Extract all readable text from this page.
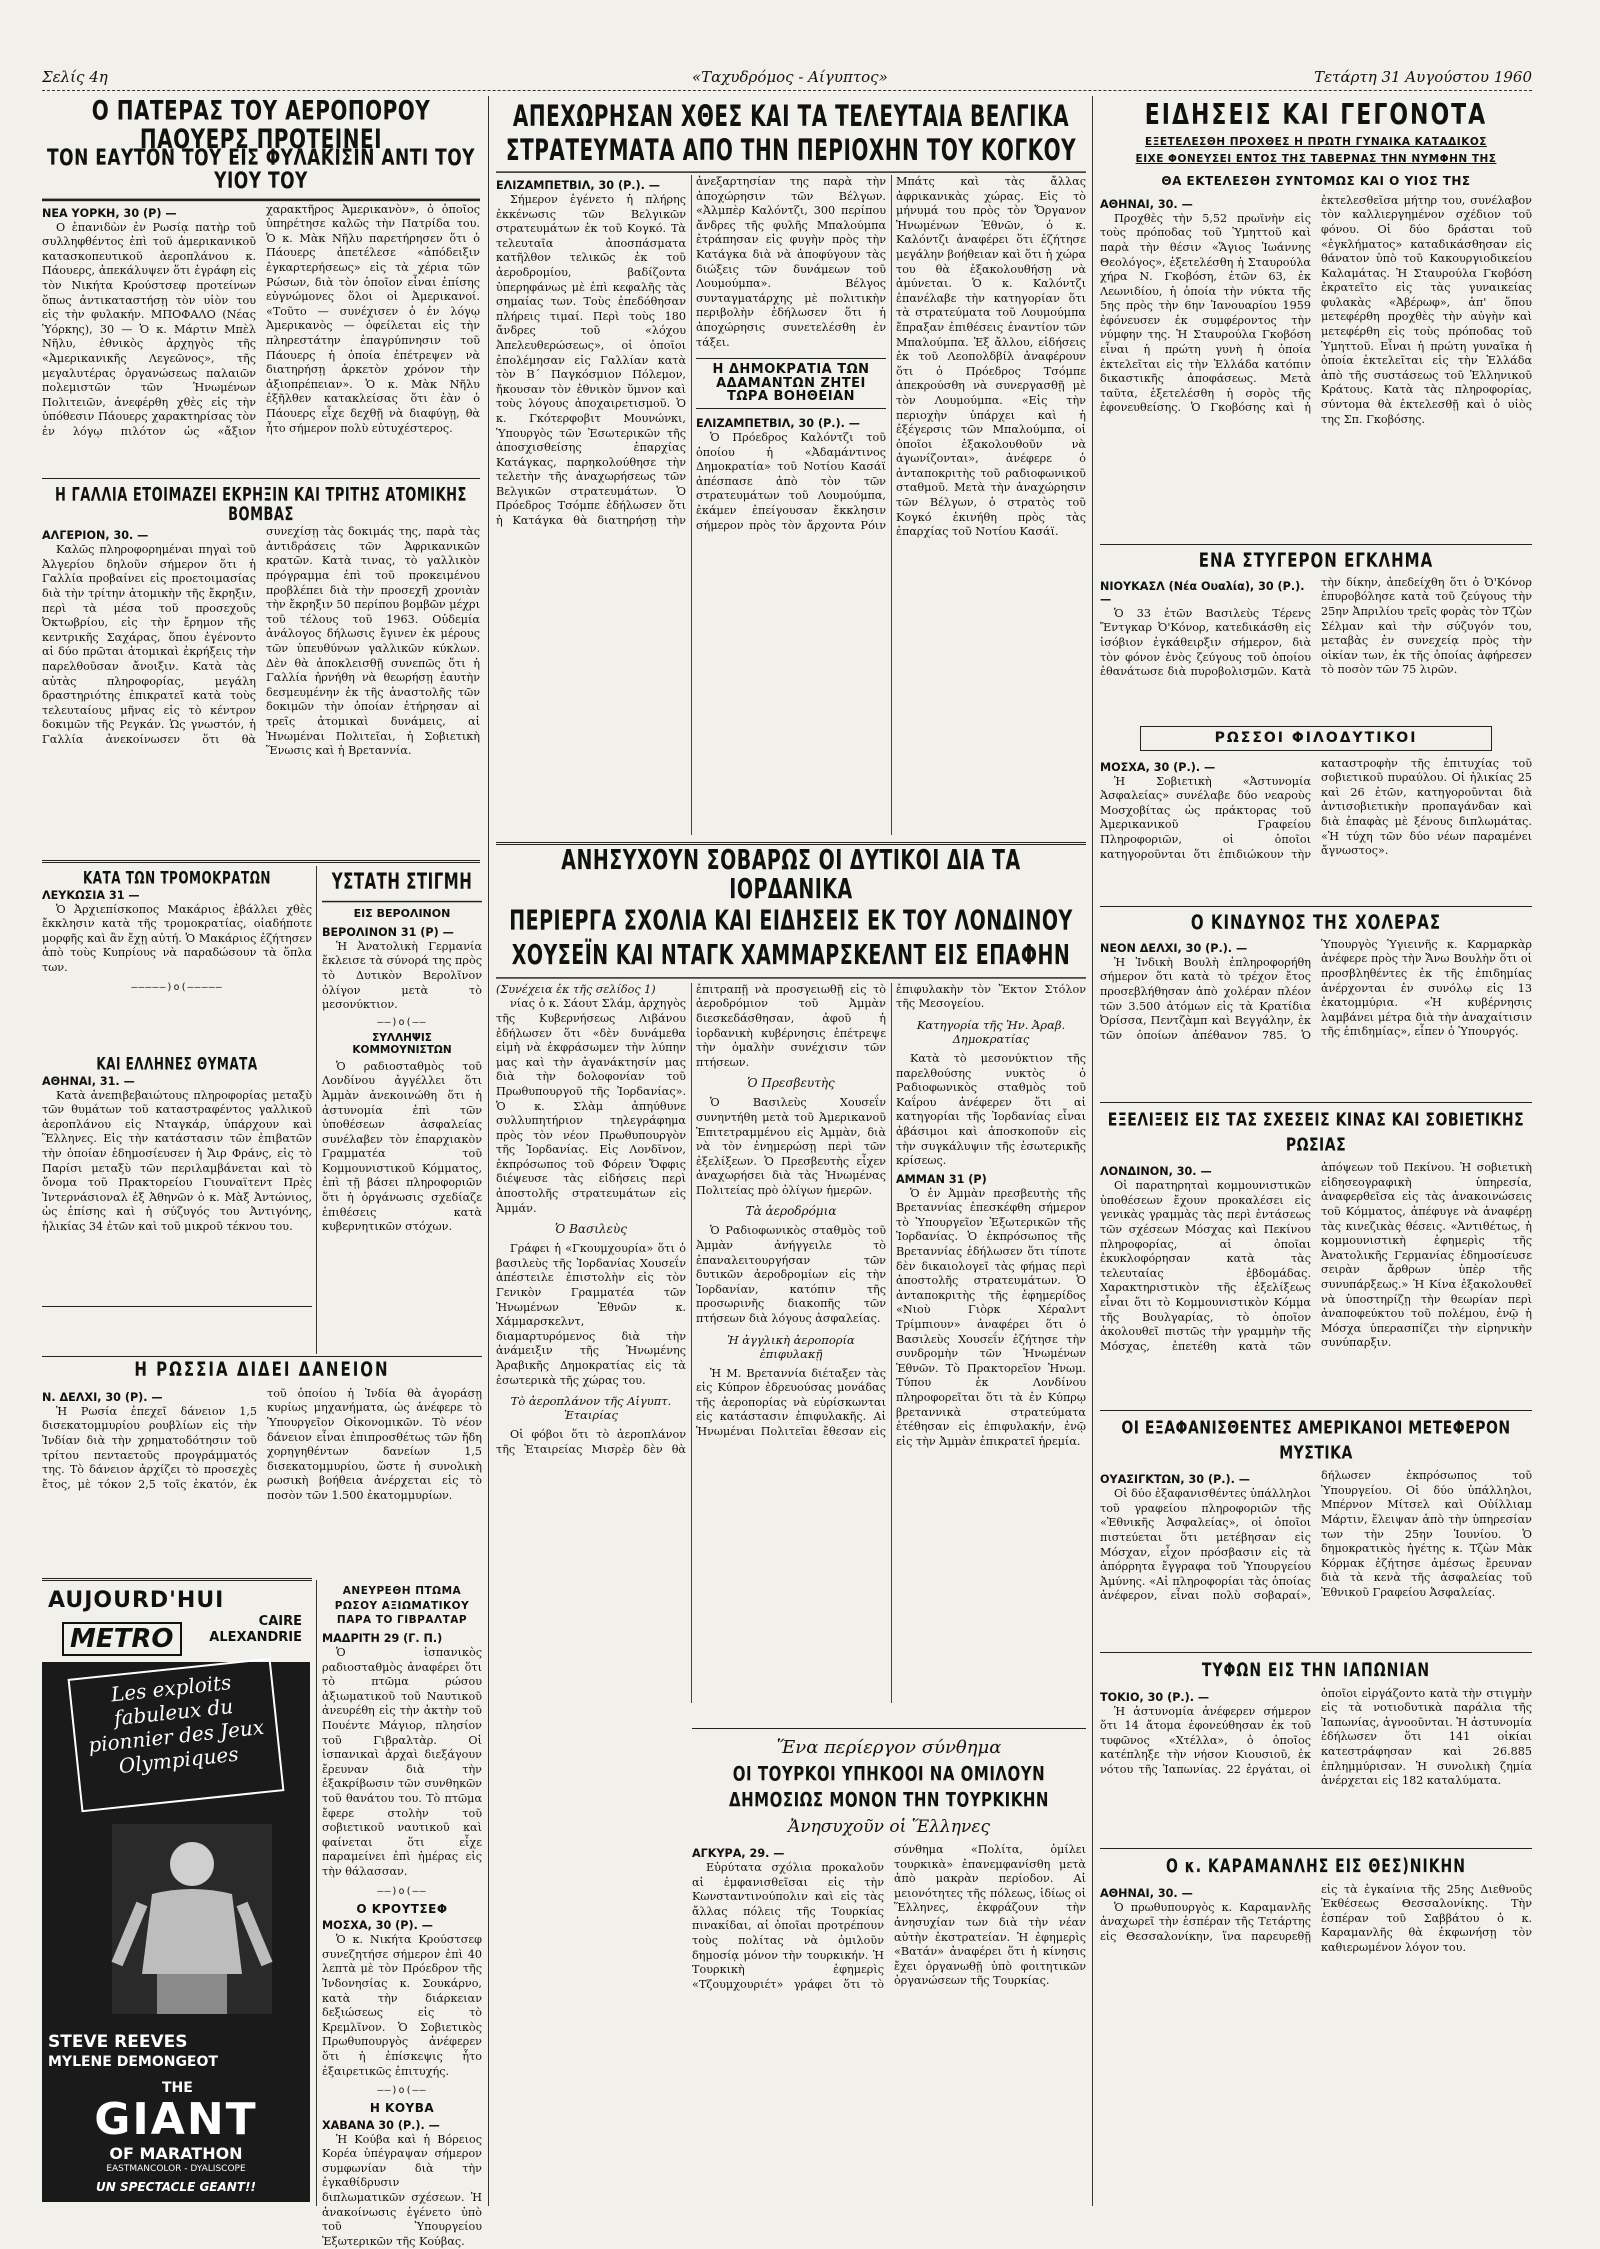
Σελίς 4η	«Ταχυδρόμος - Αίγυπτος»	Τετάρτη 31 Αυγούστου 1960
Ο ΠΑΤΕΡΑΣ ΤΟΥ ΑΕΡΟΠΟΡΟΥ ΠΑΟΥΕΡΣ ΠΡΟΤΕΙΝΕΙ
ΤΟΝ ΕΑΥΤΟΝ ΤΟΥ ΕΙΣ ΦΥΛΑΚΙΣΙΝ ΑΝΤΙ ΤΟΥ ΥΙΟΥ ΤΟΥ
ΝΕΑ ΥΟΡΚΗ, 30 (Ρ) —

Ο ἐπανιδὼν ἐν Ρωσίᾳ πατὴρ τοῦ συλληφθέντος ἐπὶ τοῦ ἀμερικανικοῦ κατασκοπευτικοῦ ἀεροπλάνου κ. Πάουερς, ἀπεκάλυψεν ὅτι ἐγράφη εἰς τὸν Νικήτα Κρούστσεφ προτείνων ὅπως ἀντικαταστήσῃ τὸν υἱὸν του εἰς τὴν φυλακήν. ΜΠΟΦΑΛΟ (Νέας Ὑόρκης), 30 — Ὁ κ. Μάρτιν Μπὲλ Νῆλυ, ἐθνικὸς ἀρχηγὸς τῆς «Ἀμερικανικῆς Λεγεῶνος», τῆς μεγαλυτέρας ὀργανώσεως παλαιῶν πολεμιστῶν τῶν Ἡνωμένων Πολιτειῶν, ἀνεφέρθη χθὲς εἰς τὴν ὑπόθεσιν Πάουερς χαρακτηρίσας τὸν ἐν λόγῳ πιλότον ὡς «ἄξιον χαρακτῆρος Ἀμερικανὸν», ὁ ὁποῖος ὑπηρέτησε καλῶς τὴν Πατρίδα του. Ὁ κ. Μὰκ Νῆλυ παρετήρησεν ὅτι ὁ Πάουερς ἀπετέλεσε «ἀπόδειξιν ἐγκαρτερήσεως» εἰς τὰ χέρια τῶν Ρώσων, διὰ τὸν ὁποῖον εἶναι ἐπίσης εὐγνώμονες ὅλοι οἱ Ἀμερικανοί. «Τοῦτο — συνέχισεν ὁ ἐν λόγῳ Ἀμερικανὸς — ὀφείλεται εἰς τὴν πληρεστάτην ἐπαγρύπνησιν τοῦ Πάουερς ἡ ὁποία ἐπέτρεψεν νὰ διατηρήσῃ ἀρκετὸν χρόνον τὴν ἀξιοπρέπειαν». Ὁ κ. Μὰκ Νῆλυ ἐξῆλθεν κατακλείσας ὅτι ἐὰν ὁ Πάουερς εἶχε δεχθῇ νὰ διαφύγῃ, θὰ ἦτο σήμερον πολὺ εὐτυχέστερος.

Η ΓΑΛΛΙΑ ΕΤΟΙΜΑΖΕΙ ΕΚΡΗΞΙΝ ΚΑΙ ΤΡΙΤΗΣ ΑΤΟΜΙΚΗΣ ΒΟΜΒΑΣ
ΑΛΓΕΡΙΟΝ, 30. —

Καλῶς πληροφορημέναι πηγαὶ τοῦ Ἀλγερίου δηλοῦν σήμερον ὅτι ἡ Γαλλία προβαίνει εἰς προετοιμασίας διὰ τὴν τρίτην ἀτομικὴν τῆς ἔκρηξιν, περὶ τὰ μέσα τοῦ προσεχοῦς Ὀκτωβρίου, εἰς τὴν ἔρημον τῆς κεντρικῆς Σαχάρας, ὅπου ἐγένοντο αἱ δύο πρῶται ἀτομικαὶ ἐκρήξεις τὴν παρελθοῦσαν ἄνοιξιν. Κατὰ τὰς αὐτὰς πληροφορίας, μεγάλη δραστηριότης ἐπικρατεῖ κατὰ τοὺς τελευταίους μῆνας εἰς τὸ κέντρον δοκιμῶν τῆς Ρεγκάν. Ὡς γνωστόν, ἡ Γαλλία ἀνεκοίνωσεν ὅτι θὰ συνεχίσῃ τὰς δοκιμάς της, παρὰ τὰς ἀντιδράσεις τῶν Ἀφρικανικῶν κρατῶν. Κατὰ τινας, τὸ γαλλικὸν πρόγραμμα ἐπὶ τοῦ προκειμένου προβλέπει διὰ τὴν προσεχῆ χρονιὰν τὴν ἔκρηξιν 50 περίπου βομβῶν μέχρι τοῦ τέλους τοῦ 1963. Οὐδεμία ἀνάλογος δήλωσις ἔγινεν ἐκ μέρους τῶν ὑπευθύνων γαλλικῶν κύκλων. Δὲν θὰ ἀποκλεισθῇ συνεπῶς ὅτι ἡ Γαλλία ἠρνήθη νὰ θεωρήσῃ ἐαυτὴν δεσμευμένην ἐκ τῆς ἀναστολῆς τῶν δοκιμῶν τὴν ὁποίαν ἐτήρησαν αἱ τρεῖς ἀτομικαὶ δυνάμεις, αἱ Ἡνωμέναι Πολιτεῖαι, ἡ Σοβιετικὴ Ἕνωσις καὶ ἡ Βρεταννία.

ΚΑΤΑ ΤΩΝ ΤΡΟΜΟΚΡΑΤΩΝ
ΛΕΥΚΩΣΙΑ 31 —

Ὁ Ἀρχιεπίσκοπος Μακάριος ἐβάλλει χθὲς ἔκκλησιν κατὰ τῆς τρομοκρατίας, οἱαδήποτε μορφῆς καὶ ἂν ἔχῃ αὐτή. Ὁ Μακάριος ἐζήτησεν ἀπὸ τοὺς Κυπρίους νὰ παραδώσουν τὰ ὅπλα των.

—————)o(—————
ΚΑΙ ΕΛΛΗΝΕΣ ΘΥΜΑΤΑ
ΑΘΗΝΑΙ, 31. —

Κατὰ ἀνεπιβεβαιώτους πληροφορίας μεταξὺ τῶν θυμάτων τοῦ καταστραφέντος γαλλικοῦ ἀεροπλάνου εἰς Νταγκάρ, ὑπάρχουν καὶ Ἕλληνες. Εἰς τὴν κατάστασιν τῶν ἐπιβατῶν τὴν ὁποίαν ἐδημοσίευσεν ἡ Ἄιρ Φράνς, εἰς τὸ Παρίσι μεταξὺ τῶν περιλαμβάνεται καὶ τὸ ὄνομα τοῦ Πρακτορείου Γιουναϊτεντ Πρὲς Ἰντερνάσιοναλ ἐξ Ἀθηνῶν ὁ κ. Μὰξ Ἀντώνιος, ὡς ἐπίσης καὶ ἡ σύζυγός του Ἀντιγόνης, ἡλικίας 34 ἐτῶν καὶ τοῦ μικροῦ τέκνου του.

ΥΣΤΑΤΗ ΣΤΙΓΜΗ
ΕΙΣ ΒΕΡΟΛΙΝΟΝ
ΒΕΡΟΛΙΝΟΝ 31 (Ρ) —

Ἡ Ἀνατολικὴ Γερμανία ἔκλεισε τὰ σύνορά της πρὸς τὸ Δυτικὸν Βερολῖνον ὀλίγον μετὰ τὸ μεσονύκτιον.

——)o(——
ΣΥΛΛΗΨΙΣ ΚΟΜΜΟΥΝΙΣΤΩΝ

Ὁ ραδιοσταθμὸς τοῦ Λονδίνου ἀγγέλλει ὅτι Ἀμμὰν ἀνεκοινώθη ὅτι ἡ ἀστυνομία ἐπὶ τῶν ὑποθέσεων ἀσφαλείας συνέλαβεν τὸν ἐπαρχιακὸν Γραμματέα τοῦ Κομμουνιστικοῦ Κόμματος, ἐπὶ τῇ βάσει πληροφοριῶν ὅτι ἡ ὀργάνωσις σχεδίαζε ἐπιθέσεις κατὰ κυβερνητικῶν στόχων.

Η ΡΩΣΣΙΑ ΔΙΔΕΙ ΔΑΝΕΙΟΝ
Ν. ΔΕΛΧΙ, 30 (Ρ). —

Ἡ Ρωσία ἐπεχεῖ δάνειον 1,5 δισεκατομμυρίου ρουβλίων εἰς τὴν Ἰνδίαν διὰ τὴν χρηματοδότησιν τοῦ τρίτου πενταετοῦς προγράμματός της. Τὸ δάνειον ἀρχίζει τὸ προσεχὲς ἔτος, μὲ τόκον 2,5 τοῖς ἑκατόν, ἐκ τοῦ ὁποίου ἡ Ἰνδία θὰ ἀγοράσῃ κυρίως μηχανήματα, ὡς ἀνέφερε τὸ Ὑπουργεῖον Οἰκονομικῶν. Τὸ νέον δάνειον εἶναι ἐπιπροσθέτως τῶν ἤδη χορηγηθέντων δανείων 1,5 δισεκατομμυρίου, ὥστε ἡ συνολικὴ ρωσικὴ βοήθεια ἀνέρχεται εἰς τὸ ποσὸν τῶν 1.500 ἑκατομμυρίων.

AUJOURD'HUI
METRO
CAIRE
ALEXANDRIE
Les exploits fabuleux du pionnier des Jeux Olympiques
STEVE REEVES
MYLENE DEMONGEOT
THE
GIANT
OF MARATHON
EASTMANCOLOR - DYALISCOPE
UN SPECTACLE GEANT!!
ΑΝΕΥΡΕΘΗ ΠΤΩΜΑ ΡΩΣΟΥ ΑΞΙΩΜΑΤΙΚΟΥ ΠΑΡΑ ΤΟ ΓΙΒΡΑΛΤΑΡ
ΜΑΔΡΙΤΗ 29 (Γ. Π.)

Ὁ ἱσπανικὸς ραδιοσταθμὸς ἀναφέρει ὅτι τὸ πτῶμα ρώσου ἀξιωματικοῦ τοῦ Ναυτικοῦ ἀνευρέθη εἰς τὴν ἀκτὴν τοῦ Πουέντε Μάγιορ, πλησίον τοῦ Γιβραλτὰρ. Οἱ ἱσπανικαὶ ἀρχαὶ διεξάγουν ἔρευναν διὰ τὴν ἐξακρίβωσιν τῶν συνθηκῶν τοῦ θανάτου του. Τὸ πτῶμα ἔφερε στολὴν τοῦ σοβιετικοῦ ναυτικοῦ καὶ φαίνεται ὅτι εἶχε παραμείνει ἐπὶ ἡμέρας εἰς τὴν θάλασσαν.

——)o(——
Ο ΚΡΟΥΤΣΕΦ
ΜΟΣΧΑ, 30 (Ρ). —

Ὁ κ. Νικήτα Κρούστσεφ συνεζητήσε σήμερον ἐπὶ 40 λεπτὰ μὲ τὸν Πρόεδρον τῆς Ἰνδονησίας κ. Σουκάρνο, κατὰ τὴν διάρκειαν δεξιώσεως εἰς τὸ Κρεμλῖνον. Ὁ Σοβιετικὸς Πρωθυπουργὸς ἀνέφερεν ὅτι ἡ ἐπίσκεψις ἦτο ἐξαιρετικῶς ἐπιτυχής.

——)o(——
Η ΚΟΥΒΑ
ΧΑΒΑΝΑ 30 (Ρ.). —

Ἡ Κούβα καὶ ἡ Βόρειος Κορέα ὑπέγραψαν σήμερον συμφωνίαν διὰ τὴν ἐγκαθίδρυσιν διπλωματικῶν σχέσεων. Ἡ ἀνακοίνωσις ἐγένετο ὑπὸ τοῦ Ὑπουργείου Ἐξωτερικῶν τῆς Κούβας.

ΑΠΕΧΩΡΗΣΑΝ ΧΘΕΣ ΚΑΙ ΤΑ ΤΕΛΕΥΤΑΙΑ ΒΕΛΓΙΚΑ
ΣΤΡΑΤΕΥΜΑΤΑ ΑΠΟ ΤΗΝ ΠΕΡΙΟΧΗΝ ΤΟΥ ΚΟΓΚΟΥ
ΕΛΙΖΑΜΠΕΤΒΙΛ, 30 (Ρ.). —

Σήμερον ἐγένετο ἡ πλήρης ἐκκένωσις τῶν Βελγικῶν στρατευμάτων ἐκ τοῦ Κογκό. Τὰ τελευταῖα ἀποσπάσματα κατῆλθον τελικῶς ἐκ τοῦ ἀεροδρομίου, βαδίζοντα ὑπερηφάνως μὲ ἐπὶ κεφαλῆς τὰς σημαίας των. Τοὺς ἐπεδόθησαν πλήρεις τιμαί. Περὶ τοὺς 180 ἄνδρες τοῦ «λόχου Ἀπελευθερώσεως», οἱ ὁποῖοι ἐπολέμησαν εἰς Γαλλίαν κατὰ τὸν Β΄ Παγκόσμιον Πόλεμον, ἤκουσαν τὸν ἐθνικὸν ὕμνον καὶ τοὺς λόγους ἀποχαιρετισμοῦ. Ὁ κ. Γκότερφοβιτ Μουνώνκι, Ὑπουργὸς τῶν Ἐσωτερικῶν τῆς ἀποσχισθείσης ἐπαρχίας Κατάγκας, παρηκολούθησε τὴν τελετὴν τῆς ἀναχωρήσεως τῶν Βελγικῶν στρατευμάτων. Ὁ Πρόεδρος Τσόμπε ἐδήλωσεν ὅτι ἡ Κατάγκα θὰ διατηρήσῃ τὴν ἀνεξαρτησίαν της παρὰ τὴν ἀποχώρησιν τῶν Βέλγων. «Ἀλμπὲρ Καλόντζι, 300 περίπου ἄνδρες τῆς φυλῆς Μπαλούμπα ἐτράπησαν εἰς φυγὴν πρὸς τὴν Κατάγκα διὰ νὰ ἀποφύγουν τὰς διώξεις τῶν δυνάμεων τοῦ Λουμούμπα». Βέλγος συνταγματάρχης μὲ πολιτικὴν περιβολὴν ἐδήλωσεν ὅτι ἡ ἀποχώρησις συνετελέσθη ἐν τάξει.

Η ΔΗΜΟΚΡΑΤΙΑ ΤΩΝ ΑΔΑΜΑΝΤΩΝ ΖΗΤΕΙ ΤΩΡΑ ΒΟΗΘΕΙΑΝ
ΕΛΙΖΑΜΠΕΤΒΙΛ, 30 (Ρ.). —

Ὁ Πρόεδρος Καλόντζι τοῦ ὁποίου ἡ «Ἀδαμάντινος Δημοκρατία» τοῦ Νοτίου Κασάϊ ἀπέσπασε ἀπὸ τὸν τῶν στρατευμάτων τοῦ Λουμούμπα, ἐκάμεν ἐπείγουσαν ἔκκλησιν σήμερον πρὸς τὸν ἄρχοντα Ρόιν Μπάτς καὶ τὰς ἄλλας ἀφρικανικὰς χώρας. Εἰς τὸ μήνυμά του πρὸς τὸν Ὄργανον Ἡνωμένων Ἐθνῶν, ὁ κ. Καλόντζι ἀναφέρει ὅτι ἐζήτησε μεγάλην βοήθειαν καὶ ὅτι ἡ χώρα του θὰ ἐξακολουθήσῃ νὰ ἀμύνεται. Ὁ κ. Καλόντζι ἐπανέλαβε τὴν κατηγορίαν ὅτι τὰ στρατεύματα τοῦ Λουμούμπα ἔπραξαν ἐπιθέσεις ἐναντίον τῶν Μπαλούμπα. Ἐξ ἄλλου, εἰδήσεις ἐκ τοῦ Λεοπολδβίλ ἀναφέρουν ὅτι ὁ Πρόεδρος Τσόμπε ἀπεκρούσθη νὰ συνεργασθῇ μὲ τὸν Λουμούμπα. «Εἰς τὴν περιοχὴν ὑπάρχει καὶ ἡ ἐξέγερσις τῶν Μπαλούμπα, οἱ ὁποῖοι ἐξακολουθοῦν νὰ ἀγωνίζονται», ἀνέφερε ὁ ἀνταποκριτὴς τοῦ ραδιοφωνικοῦ σταθμοῦ. Μετὰ τὴν ἀναχώρησιν τῶν Βέλγων, ὁ στρατὸς τοῦ Κογκό ἐκινήθη πρὸς τὰς ἐπαρχίας τοῦ Νοτίου Κασάϊ.

ΑΝΗΣΥΧΟΥΝ ΣΟΒΑΡΩΣ ΟΙ ΔΥΤΙΚΟΙ ΔΙΑ ΤΑ ΙΟΡΔΑΝΙΚΑ
ΠΕΡΙΕΡΓΑ ΣΧΟΛΙΑ ΚΑΙ ΕΙΔΗΣΕΙΣ ΕΚ ΤΟΥ ΛΟΝΔΙΝΟΥ
ΧΟΥΣΕΪΝ ΚΑΙ ΝΤΑΓΚ ΧΑΜΜΑΡΣΚΕΛΝΤ ΕΙΣ ΕΠΑΦΗΝ

(Συνέχεια ἐκ τῆς σελίδος 1)

νίας ὁ κ. Σάουτ Σλάμ, ἀρχηγὸς τῆς Κυβερνήσεως Λιβάνου ἐδήλωσεν ὅτι «δὲν δυνάμεθα εἰμὴ νὰ ἐκφράσωμεν τὴν λύπην μας καὶ τὴν ἀγανάκτησίν μας διὰ τὴν δολοφονίαν τοῦ Πρωθυπουργοῦ τῆς Ἰορδανίας». Ὁ κ. Σλὰμ ἀπηύθυνε συλλυπητήριον τηλεγράφημα πρὸς τὸν νέον Πρωθυπουργὸν τῆς Ἰορδανίας. Εἰς Λονδῖνον, ἐκπρόσωπος τοῦ Φόρειν Ὄφφις διέψευσε τὰς εἰδήσεις περὶ ἀποστολῆς στρατευμάτων εἰς Ἀμμάν.

Ὁ Βασιλεὺς

Γράφει ἡ «Γκουμχουρία» ὅτι ὁ βασιλεὺς τῆς Ἰορδανίας Χουσεΐν ἀπέστειλε ἐπιστολὴν εἰς τὸν Γενικὸν Γραμματέα τῶν Ἡνωμένων Ἐθνῶν κ. Χάμμαρσκελντ, διαμαρτυρόμενος διὰ τὴν ἀνάμειξιν τῆς Ἡνωμένης Ἀραβικῆς Δημοκρατίας εἰς τὰ ἐσωτερικὰ τῆς χώρας του.

Τὸ ἀεροπλάνον τῆς Αἰγυπτ. Ἑταιρίας

Οἱ φόβοι ὅτι τὸ ἀεροπλάνον τῆς Ἑταιρείας Μισρὲρ δὲν θὰ ἐπιτραπῇ νὰ προσγειωθῇ εἰς τὸ ἀεροδρόμιον τοῦ Ἀμμὰν διεσκεδάσθησαν, ἀφοῦ ἡ ἰορδανικὴ κυβέρνησις ἐπέτρεψε τὴν ὁμαλὴν συνέχισιν τῶν πτήσεων.

Ὁ Πρεσβευτὴς

Ὁ Βασιλεὺς Χουσεΐν συνηντήθη μετὰ τοῦ Ἀμερικανοῦ Ἐπιτετραμμένου εἰς Ἀμμὰν, διὰ νὰ τὸν ἐνημερώσῃ περὶ τῶν ἐξελίξεων. Ὁ Πρεσβευτὴς εἶχεν ἀναχωρήσει διὰ τὰς Ἡνωμένας Πολιτείας πρὸ ὀλίγων ἡμερῶν.

Τὰ ἀεροδρόμια

Ὁ Ραδιοφωνικὸς σταθμὸς τοῦ Ἀμμὰν ἀνήγγειλε τὸ ἐπαναλειτουργήσαν τῶν δυτικῶν ἀεροδρομίων εἰς τὴν Ἰορδανίαν, κατόπιν τῆς προσωρινῆς διακοπῆς τῶν πτήσεων διὰ λόγους ἀσφαλείας.

Ἡ ἀγγλικὴ ἀεροπορία ἐπιφυλακῇ

Ἡ Μ. Βρεταννία διέταξεν τὰς εἰς Κύπρον ἐδρευούσας μονάδας τῆς ἀεροπορίας νὰ εὑρίσκωνται εἰς κατάστασιν ἐπιφυλακῆς. Αἱ Ἡνωμέναι Πολιτεῖαι ἔθεσαν εἰς ἐπιφυλακὴν τὸν Ἕκτον Στόλον τῆς Μεσογείου.

Κατηγορία τῆς Ἡν. Ἀραβ. Δημοκρατίας

Κατὰ τὸ μεσονύκτιον τῆς παρελθούσης νυκτὸς ὁ Ραδιοφωνικὸς σταθμὸς τοῦ Καΐρου ἀνέφερεν ὅτι αἱ κατηγορίαι τῆς Ἰορδανίας εἶναι ἀβάσιμοι καὶ ἀποσκοποῦν εἰς τὴν συγκάλυψιν τῆς ἐσωτερικῆς κρίσεως.

ΑΜΜΑΝ 31 (Ρ)

Ὁ ἐν Ἀμμὰν πρεσβευτὴς τῆς Βρεταννίας ἐπεσκέφθη σήμερον τὸ Ὑπουργεῖον Ἐξωτερικῶν τῆς Ἰορδανίας. Ὁ ἐκπρόσωπος τῆς Βρεταννίας ἐδήλωσεν ὅτι τίποτε δὲν δικαιολογεῖ τὰς φήμας περὶ ἀποστολῆς στρατευμάτων. Ὁ ἀνταποκριτὴς τῆς ἐφημερίδος «Νιοὺ Γιὸρκ Χέραλντ Τρίμπιουν» ἀναφέρει ὅτι ὁ Βασιλεὺς Χουσεΐν ἐζήτησε τὴν συνδρομὴν τῶν Ἡνωμένων Ἐθνῶν. Τὸ Πρακτορεῖον Ἡνωμ. Τύπου ἐκ Λονδίνου πληροφορεῖται ὅτι τὰ ἐν Κύπρῳ βρεταννικὰ στρατεύματα ἐτέθησαν εἰς ἐπιφυλακήν, ἐνῷ εἰς τὴν Ἀμμὰν ἐπικρατεῖ ἡρεμία.

Ἕνα περίεργον σύνθημα
ΟΙ ΤΟΥΡΚΟΙ ΥΠΗΚΟΟΙ ΝΑ ΟΜΙΛΟΥΝ ΔΗΜΟΣΙΩΣ ΜΟΝΟΝ ΤΗΝ ΤΟΥΡΚΙΚΗΝ
Ἀνησυχοῦν οἱ Ἕλληνες
ΑΓΚΥΡΑ, 29. —

Εὐρύτατα σχόλια προκαλοῦν αἱ ἐμφανισθεῖσαι εἰς τὴν Κωνσταντινούπολιν καὶ εἰς τὰς ἄλλας πόλεις τῆς Τουρκίας πινακίδαι, αἱ ὁποῖαι προτρέπουν τοὺς πολίτας νὰ ὁμιλοῦν δημοσίᾳ μόνον τὴν τουρκικήν. Ἡ Τουρκικὴ ἐφημερὶς «Τζουμχουριέτ» γράφει ὅτι τὸ σύνθημα «Πολίτα, ὁμίλει τουρκικὰ» ἐπανεμφανίσθη μετὰ ἀπὸ μακρὰν περίοδον. Αἱ μειονότητες τῆς πόλεως, ἰδίως οἱ Ἕλληνες, ἐκφράζουν τὴν ἀνησυχίαν των διὰ τὴν νέαν αὐτὴν ἐκστρατείαν. Ἡ ἐφημερὶς «Βατάν» ἀναφέρει ὅτι ἡ κίνησις ἔχει ὀργανωθῇ ὑπὸ φοιτητικῶν ὀργανώσεων τῆς Τουρκίας.

ΕΙΔΗΣΕΙΣ ΚΑΙ ΓΕΓΟΝΟΤΑ
ΕΞΕΤΕΛΕΣΘΗ ΠΡΟΧΘΕΣ Η ΠΡΩΤΗ ΓΥΝΑΙΚΑ ΚΑΤΑΔΙΚΟΣ
ΕΙΧΕ ΦΟΝΕΥΣΕΙ ΕΝΤΟΣ ΤΗΣ ΤΑΒΕΡΝΑΣ ΤΗΝ ΝΥΜΦΗΝ ΤΗΣ
ΘΑ ΕΚΤΕΛΕΣΘΗ ΣΥΝΤΟΜΩΣ ΚΑΙ Ο ΥΙΟΣ ΤΗΣ
ΑΘΗΝΑΙ, 30. —

Προχθὲς τὴν 5,52 πρωϊνὴν εἰς τοὺς πρόποδας τοῦ Ὑμηττοῦ καὶ παρὰ τὴν θέσιν «Ἅγιος Ἰωάννης Θεολόγος», ἐξετελέσθη ἡ Σταυρούλα χήρα Ν. Γκοβόση, ἐτῶν 63, ἐκ Λεωνιδίου, ἡ ὁποία τὴν νύκτα τῆς 5ης πρὸς τὴν 6ην Ἰανουαρίου 1959 ἐφόνευσεν ἐκ συμφέροντος τὴν νύμφην της. Ἡ Σταυρούλα Γκοβόση εἶναι ἡ πρώτη γυνὴ ἡ ὁποία ἐκτελεῖται εἰς τὴν Ἑλλάδα κατόπιν δικαστικῆς ἀποφάσεως. Μετὰ ταῦτα, ἐξετελέσθη ἡ σορὸς τῆς ἐφονευθείσης. Ὁ Γκοβόσης καὶ ἡ ἐκτελεσθεῖσα μήτηρ του, συνέλαβον τὸν καλλιεργημένον σχέδιον τοῦ φόνου. Οἱ δύο δράσται τοῦ «ἐγκλήματος» καταδικάσθησαν εἰς θάνατον ὑπὸ τοῦ Κακουργιοδικείου Καλαμάτας. Ἡ Σταυρούλα Γκοβόση ἐκρατεῖτο εἰς τὰς γυναικείας φυλακὰς «Ἀβέρωφ», ἀπ' ὅπου μετεφέρθη προχθὲς τὴν αὐγὴν καὶ μετεφέρθη εἰς τοὺς πρόποδας τοῦ Ὑμηττοῦ. Εἶναι ἡ πρώτη γυναῖκα ἡ ὁποία ἐκτελεῖται εἰς τὴν Ἑλλάδα ἀπὸ τῆς συστάσεως τοῦ Ἑλληνικοῦ Κράτους. Κατὰ τὰς πληροφορίας, σύντομα θὰ ἐκτελεσθῇ καὶ ὁ υἱὸς της Σπ. Γκοβόσης.

ΕΝΑ ΣΤΥΓΕΡΟΝ ΕΓΚΛΗΜΑ
ΝΙΟΥΚΑΣΛ (Νέα Ουαλία), 30 (Ρ.). —

Ὁ 33 ἐτῶν Βασιλεὺς Τέρενς Ἔντγκαρ Ὀ'Κόνορ, κατεδικάσθη εἰς ἰσόβιον ἐγκάθειρξιν σήμερον, διὰ τὸν φόνον ἑνὸς ζεύγους τοῦ ὁποίου ἐθανάτωσε διὰ πυροβολισμῶν. Κατὰ τὴν δίκην, ἀπεδείχθη ὅτι ὁ Ὀ'Κόνορ ἐπυροβόλησε κατὰ τοῦ ζεύγους τὴν 25ην Ἀπριλίου τρεῖς φορὰς τὸν Τζὼν Σέλμαν καὶ τὴν σύζυγόν του, μεταβὰς ἐν συνεχείᾳ πρὸς τὴν οἰκίαν των, ἐκ τῆς ὁποίας ἀφήρεσεν τὸ ποσὸν τῶν 75 λιρῶν.

ΡΩΣΣΟΙ ΦΙΛΟΔΥΤΙΚΟΙ
ΜΟΣΧΑ, 30 (Ρ.). —

Ἡ Σοβιετικὴ «Ἀστυνομία Ἀσφαλείας» συνέλαβε δύο νεαροὺς Μοσχοβίτας ὡς πράκτορας τοῦ Ἀμερικανικοῦ Γραφείου Πληροφοριῶν, οἱ ὁποῖοι κατηγοροῦνται ὅτι ἐπιδιώκουν τὴν καταστροφὴν τῆς ἐπιτυχίας τοῦ σοβιετικοῦ πυραύλου. Οἱ ἠλικίας 25 καὶ 26 ἐτῶν, κατηγοροῦνται διὰ ἀντισοβιετικὴν προπαγάνδαν καὶ διὰ ἐπαφὰς μὲ ξένους διπλωμάτας. «Ἡ τύχη τῶν δύο νέων παραμένει ἄγνωστος».

Ο ΚΙΝΔΥΝΟΣ ΤΗΣ ΧΟΛΕΡΑΣ
ΝΕΟΝ ΔΕΛΧΙ, 30 (Ρ.). —

Ἡ Ἰνδικὴ Βουλὴ ἐπληροφορήθη σήμερον ὅτι κατὰ τὸ τρέχον ἔτος προσεβλήθησαν ἀπὸ χολέραν πλέον τῶν 3.500 ἀτόμων εἰς τὰ Κρατίδια Ὀρίσσα, Πεντζὰμπ καὶ Βεγγάλην, ἐκ τῶν ὁποίων ἀπέθανον 785. Ὁ Ὑπουργὸς Ὑγιεινῆς κ. Καρμαρκὰρ ἀνέφερε πρὸς τὴν Ἄνω Βουλὴν ὅτι οἱ προσβληθέντες ἐκ τῆς ἐπιδημίας ἀνέρχονται ἐν συνόλῳ εἰς 13 ἑκατομμύρια. «Ἡ κυβέρνησις λαμβάνει μέτρα διὰ τὴν ἀναχαίτισιν τῆς ἐπιδημίας», εἶπεν ὁ Ὑπουργός.

ΕΞΕΛΙΞΕΙΣ ΕΙΣ ΤΑΣ ΣΧΕΣΕΙΣ ΚΙΝΑΣ ΚΑΙ ΣΟΒΙΕΤΙΚΗΣ ΡΩΣΙΑΣ
ΛΟΝΔΙΝΟΝ, 30. —

Οἱ παρατηρηταὶ κομμουνιστικῶν ὑποθέσεων ἔχουν προκαλέσει εἰς γενικὰς γραμμὰς τὰς περὶ ἐντάσεως τῶν σχέσεων Μόσχας καὶ Πεκίνου πληροφορίας, αἱ ὁποῖαι ἐκυκλοφόρησαν κατὰ τὰς τελευταίας ἑβδομάδας. Χαρακτηριστικὸν τῆς ἐξελίξεως εἶναι ὅτι τὸ Κομμουνιστικὸν Κόμμα τῆς Βουλγαρίας, τὸ ὁποῖον ἀκολουθεῖ πιστῶς τὴν γραμμὴν τῆς Μόσχας, ἐπετέθη κατὰ τῶν ἀπόψεων τοῦ Πεκίνου. Ἡ σοβιετικὴ εἰδησεογραφικὴ ὑπηρεσία, ἀναφερθεῖσα εἰς τὰς ἀνακοινώσεις τοῦ Κόμματος, ἀπέφυγε νὰ ἀναφέρῃ τὰς κινεζικὰς θέσεις. «Ἀντιθέτως, ἡ κομμουνιστικὴ ἐφημερὶς τῆς Ἀνατολικῆς Γερμανίας ἐδημοσίευσε σειρὰν ἄρθρων ὑπὲρ τῆς συνυπάρξεως.» Ἡ Κίνα ἐξακολουθεῖ νὰ ὑποστηρίζῃ τὴν θεωρίαν περὶ ἀναποφεύκτου τοῦ πολέμου, ἐνῷ ἡ Μόσχα ὑπερασπίζει τὴν εἰρηνικὴν συνύπαρξιν.

ΟΙ ΕΞΑΦΑΝΙΣΘΕΝΤΕΣ ΑΜΕΡΙΚΑΝΟΙ ΜΕΤΕΦΕΡΟΝ ΜΥΣΤΙΚΑ
ΟΥΑΣΙΓΚΤΩΝ, 30 (Ρ.). —

Οἱ δύο ἐξαφανισθέντες ὑπάλληλοι τοῦ γραφείου πληροφοριῶν τῆς «Ἐθνικῆς Ἀσφαλείας», οἱ ὁποῖοι πιστεύεται ὅτι μετέβησαν εἰς Μόσχαν, εἶχον πρόσβασιν εἰς τὰ ἀπόρρητα ἔγγραφα τοῦ Ὑπουργείου Ἀμύνης. «Αἱ πληροφορίαι τὰς ὁποίας ἀνέφερον, εἶναι πολὺ σοβαραί», δήλωσεν ἐκπρόσωπος τοῦ Ὑπουργείου. Οἱ δύο ὑπάλληλοι, Μπέρνον Μίτσελ καὶ Οὐίλλιαμ Μάρτιν, ἔλειψαν ἀπὸ τὴν ὑπηρεσίαν των τὴν 25ην Ἰουνίου. Ὁ δημοκρατικὸς ἡγέτης κ. Τζὼν Μὰκ Κόρμακ ἐζήτησε ἀμέσως ἔρευναν διὰ τὰ κενὰ τῆς ἀσφαλείας τοῦ Ἐθνικοῦ Γραφείου Ἀσφαλείας.

ΤΥΦΩΝ ΕΙΣ ΤΗΝ ΙΑΠΩΝΙΑΝ
ΤΟΚΙΟ, 30 (Ρ.). —

Ἡ ἀστυνομία ἀνέφερεν σήμερον ὅτι 14 ἄτομα ἐφονεύθησαν ἐκ τοῦ τυφῶνος «Χτέλλα», ὁ ὁποῖος κατέπληξε τὴν νήσον Κιουσιοῦ, ἐκ νότου τῆς Ἰαπωνίας. 22 ἐργάται, οἱ ὁποῖοι εἰργάζοντο κατὰ τὴν στιγμὴν εἰς τὰ νοτιοδυτικὰ παράλια τῆς Ἰαπωνίας, ἀγνοοῦνται. Ἡ ἀστυνομία ἐδήλωσεν ὅτι 141 οἰκίαι κατεστράφησαν καὶ 26.885 ἐπλημμύρισαν. Ἡ συνολικὴ ζημία ἀνέρχεται εἰς 182 καταλύματα.

Ο κ. ΚΑΡΑΜΑΝΛΗΣ ΕΙΣ ΘΕΣ)ΝΙΚΗΝ
ΑΘΗΝΑΙ, 30. —

Ὁ πρωθυπουργὸς κ. Καραμανλῆς ἀναχωρεῖ τὴν ἑσπέραν τῆς Τετάρτης εἰς Θεσσαλονίκην, ἵνα παρευρεθῇ εἰς τὰ ἐγκαίνια τῆς 25ης Διεθνοῦς Ἐκθέσεως Θεσσαλονίκης. Τὴν ἑσπέραν τοῦ Σαββάτου ὁ κ. Καραμανλῆς θὰ ἐκφωνήσῃ τὸν καθιερωμένον λόγον του.
